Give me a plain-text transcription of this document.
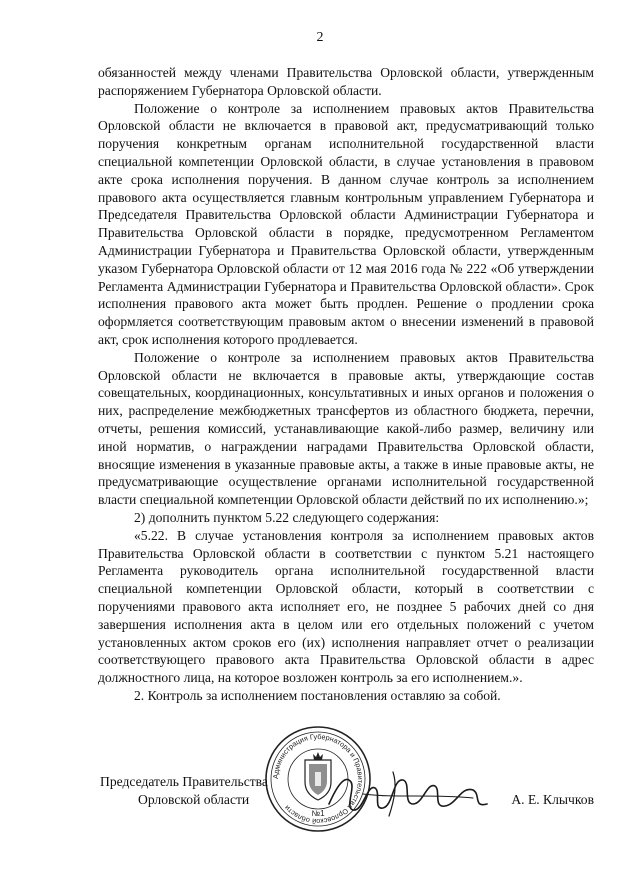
2

обязанностей между членами Правительства Орловской области, утвержденным распоряжением Губернатора Орловской области.

Положение о контроле за исполнением правовых актов Правительства Орловской области не включается в правовой акт, предусматривающий только поручения конкретным органам исполнительной государственной власти специальной компетенции Орловской области, в случае установления в правовом акте срока исполнения поручения. В данном случае контроль за исполнением правового акта осуществляется главным контрольным управлением Губернатора и Председателя Правительства Орловской области Администрации Губернатора и Правительства Орловской области в порядке, предусмотренном Регламентом Администрации Губернатора и Правительства Орловской области, утвержденным указом Губернатора Орловской области от 12 мая 2016 года № 222 «Об утверждении Регламента Администрации Губернатора и Правительства Орловской области». Срок исполнения правового акта может быть продлен. Решение о продлении срока оформляется соответствующим правовым актом о внесении изменений в правовой акт, срок исполнения которого продлевается.

Положение о контроле за исполнением правовых актов Правительства Орловской области не включается в правовые акты, утверждающие состав совещательных, координационных, консультативных и иных органов и положения о них, распределение межбюджетных трансфертов из областного бюджета, перечни, отчеты, решения комиссий, устанавливающие какой-либо размер, величину или иной норматив, о награждении наградами Правительства Орловской области, вносящие изменения в указанные правовые акты, а также в иные правовые акты, не предусматривающие осуществление органами исполнительной государственной власти специальной компетенции Орловской области действий по их исполнению.»;

2) дополнить пунктом 5.22 следующего содержания:

«5.22. В случае установления контроля за исполнением правовых актов Правительства Орловской области в соответствии с пунктом 5.21 настоящего Регламента руководитель органа исполнительной государственной власти специальной компетенции Орловской области, который в соответствии с поручениями правового акта исполняет его, не позднее 5 рабочих дней со дня завершения исполнения акта в целом или его отдельных положений с учетом установленных актом сроков его (их) исполнения направляет отчет о реализации соответствующего правового акта Правительства Орловской области в адрес должностного лица, на которое возложен контроль за его исполнением.».

2. Контроль за исполнением постановления оставляю за собой.

Администрация Губернатора и Правительства Орловской области
№1
Председатель Правительства
Орловской области	А. Е. Клычков
